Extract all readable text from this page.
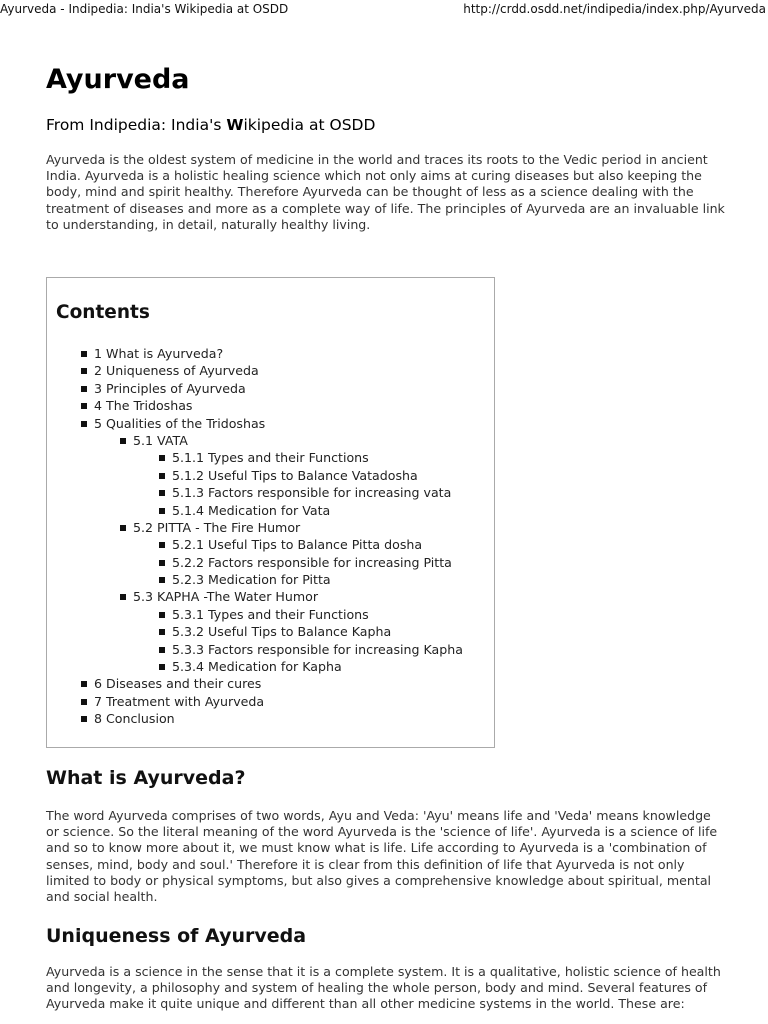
Ayurveda - Indipedia: India's Wikipedia at OSDD	http://crdd.osdd.net/indipedia/index.php/Ayurveda
Ayurveda
From Indipedia: India's Wikipedia at OSDD

Ayurveda is the oldest system of medicine in the world and traces its roots to the Vedic period in ancient India. Ayurveda is a holistic healing science which not only aims at curing diseases but also keeping the body, mind and spirit healthy. Therefore Ayurveda can be thought of less as a science dealing with the treatment of diseases and more as a complete way of life. The principles of Ayurveda are an invaluable link to understanding, in detail, naturally healthy living.

Contents
1 What is Ayurveda?
2 Uniqueness of Ayurveda
3 Principles of Ayurveda
4 The Tridoshas
5 Qualities of the Tridoshas
5.1 VATA
5.1.1 Types and their Functions
5.1.2 Useful Tips to Balance Vatadosha
5.1.3 Factors responsible for increasing vata
5.1.4 Medication for Vata
5.2 PITTA - The Fire Humor
5.2.1 Useful Tips to Balance Pitta dosha
5.2.2 Factors responsible for increasing Pitta
5.2.3 Medication for Pitta
5.3 KAPHA -The Water Humor
5.3.1 Types and their Functions
5.3.2 Useful Tips to Balance Kapha
5.3.3 Factors responsible for increasing Kapha
5.3.4 Medication for Kapha
6 Diseases and their cures
7 Treatment with Ayurveda
8 Conclusion
What is Ayurveda?

The word Ayurveda comprises of two words, Ayu and Veda: 'Ayu' means life and 'Veda' means knowledge or science. So the literal meaning of the word Ayurveda is the 'science of life'. Ayurveda is a science of life and so to know more about it, we must know what is life. Life according to Ayurveda is a 'combination of senses, mind, body and soul.' Therefore it is clear from this definition of life that Ayurveda is not only limited to body or physical symptoms, but also gives a comprehensive knowledge about spiritual, mental and social health.

Uniqueness of Ayurveda

Ayurveda is a science in the sense that it is a complete system. It is a qualitative, holistic science of health and longevity, a philosophy and system of healing the whole person, body and mind. Several features of Ayurveda make it quite unique and different than all other medicine systems in the world. These are:
